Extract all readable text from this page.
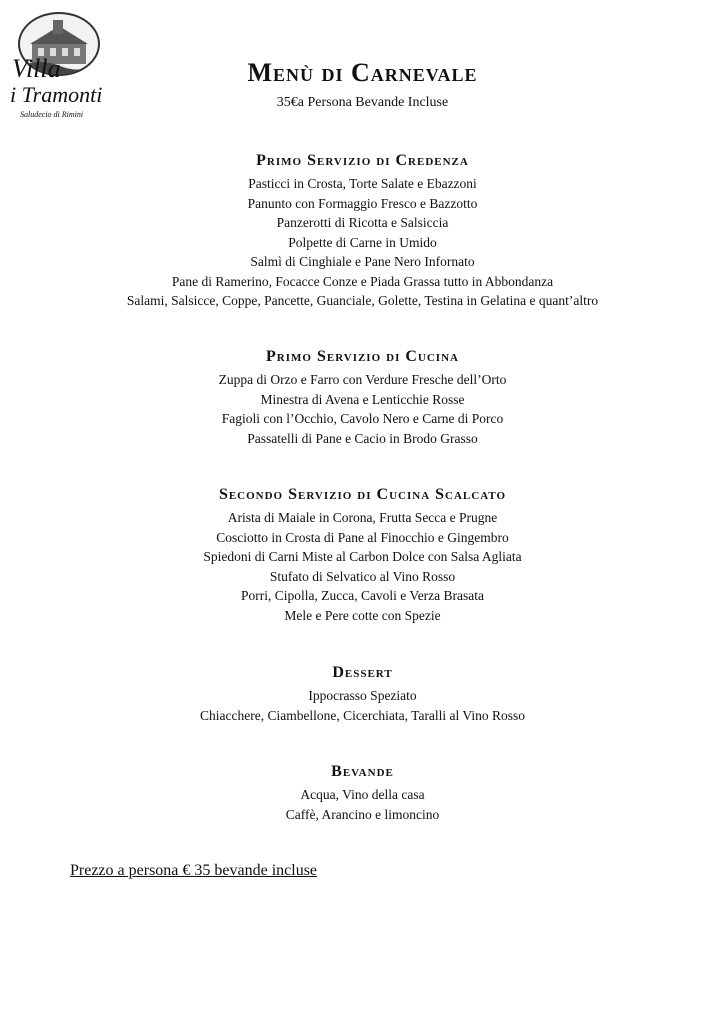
Villa
i Tramonti
Saludecio di Rimini
Menù di Carnevale
35€a Persona Bevande Incluse
Primo Servizio di Credenza
Pasticci in Crosta, Torte Salate e Ebazzoni
Panunto con Formaggio Fresco e Bazzotto
Panzerotti di Ricotta e Salsiccia
Polpette di Carne in Umido
Salmì di Cinghiale e Pane Nero Infornato
Pane di Ramerino, Focacce Conze e Piada Grassa tutto in Abbondanza
Salami, Salsicce, Coppe, Pancette, Guanciale, Golette, Testina in Gelatina e quant’altro
Primo Servizio di Cucina
Zuppa di Orzo e Farro con Verdure Fresche dell’Orto
Minestra di Avena e Lenticchie Rosse
Fagioli con l’Occhio, Cavolo Nero e Carne di Porco
Passatelli di Pane e Cacio in Brodo Grasso
Secondo Servizio di Cucina Scalcato
Arista di Maiale in Corona, Frutta Secca e Prugne
Cosciotto in Crosta di Pane al Finocchio e Gingembro
Spiedoni di Carni Miste al Carbon Dolce con Salsa Agliata
Stufato di Selvatico al Vino Rosso
Porri, Cipolla, Zucca, Cavoli e Verza Brasata
Mele e Pere cotte con Spezie
Dessert
Ippocrasso Speziato
Chiacchere, Ciambellone, Cicerchiata, Taralli al Vino Rosso
Bevande
Acqua, Vino della casa
Caffè, Arancino e limoncino
Prezzo a persona € 35 bevande incluse
